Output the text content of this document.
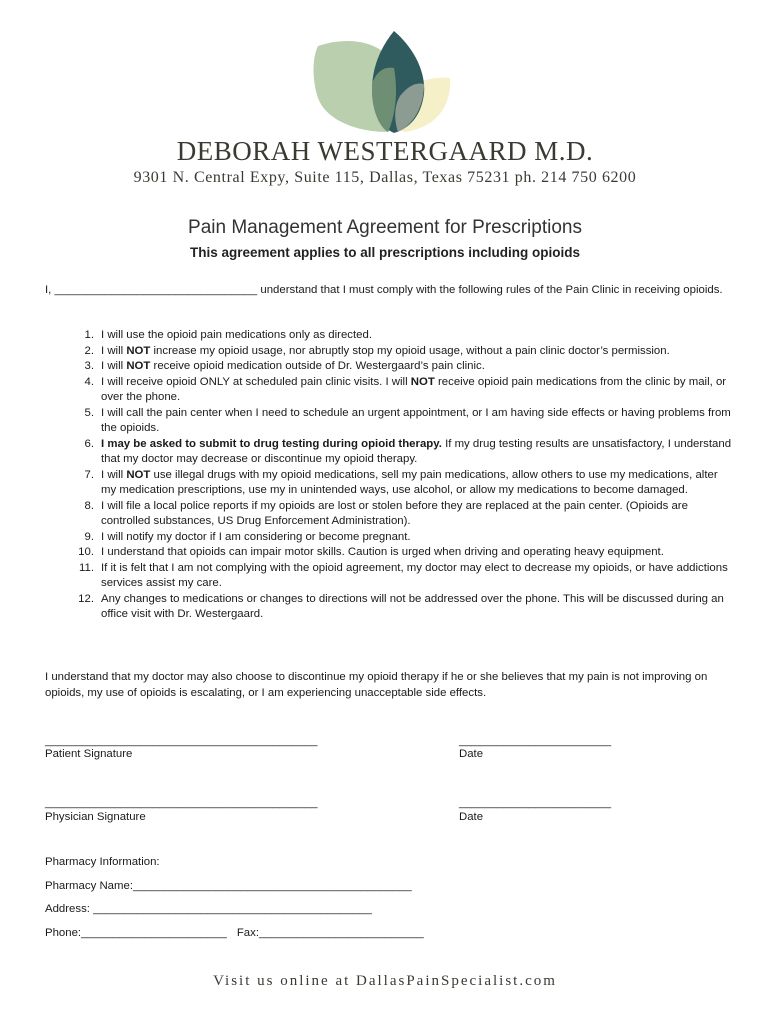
DEBORAH WESTERGAARD M.D.
9301 N. Central Expy, Suite 115, Dallas, Texas 75231 ph. 214 750 6200
Pain Management Agreement for Prescriptions
This agreement applies to all prescriptions including opioids
I, ________________________________ understand that I must comply with the following rules of the Pain Clinic in receiving opioids.
1. I will use the opioid pain medications only as directed.
2. I will NOT increase my opioid usage, nor abruptly stop my opioid usage, without a pain clinic doctor’s permission.
3. I will NOT receive opioid medication outside of Dr. Westergaard’s pain clinic.
4. I will receive opioid ONLY at scheduled pain clinic visits. I will NOT receive opioid pain medications from the clinic by mail, or over the phone.
5. I will call the pain center when I need to schedule an urgent appointment, or I am having side effects or having problems from the opioids.
6. I may be asked to submit to drug testing during opioid therapy. If my drug testing results are unsatisfactory, I understand that my doctor may decrease or discontinue my opioid therapy.
7. I will NOT use illegal drugs with my opioid medications, sell my pain medications, allow others to use my medications, alter my medication prescriptions, use my in unintended ways, use alcohol, or allow my medications to become damaged.
8. I will file a local police reports if my opioids are lost or stolen before they are replaced at the pain center. (Opioids are controlled substances, US Drug Enforcement Administration).
9. I will notify my doctor if I am considering or become pregnant.
10. I understand that opioids can impair motor skills. Caution is urged when driving and operating heavy equipment.
11. If it is felt that I am not complying with the opioid agreement, my doctor may elect to decrease my opioids, or have addictions services assist my care.
12. Any changes to medications or changes to directions will not be addressed over the phone. This will be discussed during an office visit with Dr. Westergaard.
I understand that my doctor may also choose to discontinue my opioid therapy if he or she believes that my pain is not improving on opioids, my use of opioids is escalating, or I am experiencing unacceptable side effects.
___________________________________________
Patient Signature
________________________
Date
___________________________________________
Physician Signature
________________________
Date
Pharmacy Information:
Pharmacy Name:____________________________________________
Address: ____________________________________________
Phone:_______________________ Fax:__________________________
Visit us online at DallasPainSpecialist.com
